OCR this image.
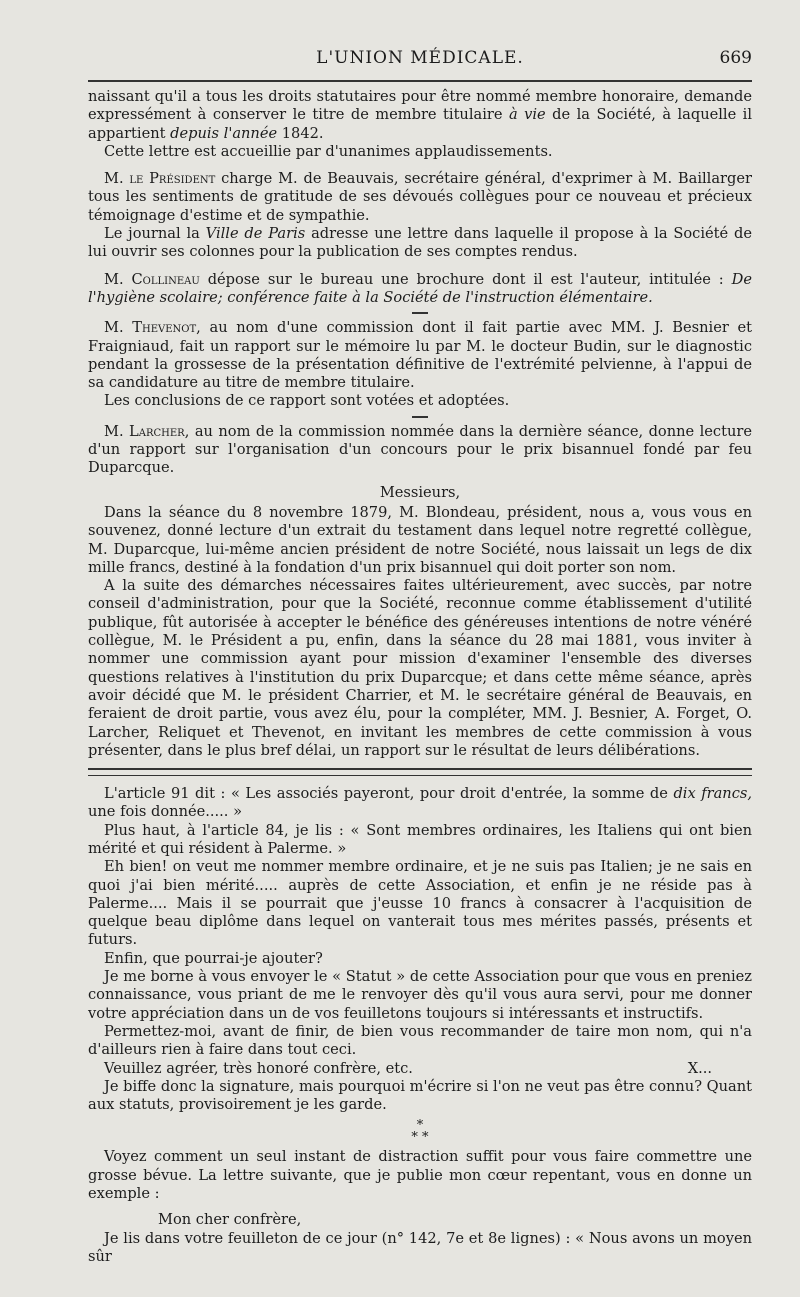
L'UNION MÉDICALE.	669

naissant qu'il a tous les droits statutaires pour être nommé membre honoraire, demande expressément à conserver le titre de membre titulaire à vie de la Société, à laquelle il appartient depuis l'année 1842.

Cette lettre est accueillie par d'unanimes applaudissements.

M. le Président charge M. de Beauvais, secrétaire général, d'exprimer à M. Baillarger tous les sentiments de gratitude de ses dévoués collègues pour ce nouveau et précieux témoignage d'estime et de sympathie.

Le journal la Ville de Paris adresse une lettre dans laquelle il propose à la Société de lui ouvrir ses colonnes pour la publication de ses comptes rendus.

M. Collineau dépose sur le bureau une brochure dont il est l'auteur, intitulée : De l'hygiène scolaire; conférence faite à la Société de l'instruction élémentaire.

M. Thevenot, au nom d'une commission dont il fait partie avec MM. J. Besnier et Fraigniaud, fait un rapport sur le mémoire lu par M. le docteur Budin, sur le diagnostic pendant la grossesse de la présentation définitive de l'extrémité pelvienne, à l'appui de sa candidature au titre de membre titulaire.

Les conclusions de ce rapport sont votées et adoptées.

M. Larcher, au nom de la commission nommée dans la dernière séance, donne lecture d'un rapport sur l'organisation d'un concours pour le prix bisannuel fondé par feu Duparcque.

Messieurs,

Dans la séance du 8 novembre 1879, M. Blondeau, président, nous a, vous vous en souvenez, donné lecture d'un extrait du testament dans lequel notre regretté collègue, M. Duparcque, lui-même ancien président de notre Société, nous laissait un legs de dix mille francs, destiné à la fondation d'un prix bisannuel qui doit porter son nom.

A la suite des démarches nécessaires faites ultérieurement, avec succès, par notre conseil d'administration, pour que la Société, reconnue comme établissement d'utilité publique, fût autorisée à accepter le bénéfice des généreuses intentions de notre vénéré collègue, M. le Président a pu, enfin, dans la séance du 28 mai 1881, vous inviter à nommer une commission ayant pour mission d'examiner l'ensemble des diverses questions relatives à l'institution du prix Duparcque; et dans cette même séance, après avoir décidé que M. le président Charrier, et M. le secrétaire général de Beauvais, en feraient de droit partie, vous avez élu, pour la compléter, MM. J. Besnier, A. Forget, O. Larcher, Reliquet et Thevenot, en invitant les membres de cette commission à vous présenter, dans le plus bref délai, un rapport sur le résultat de leurs délibérations.

L'article 91 dit : « Les associés payeront, pour droit d'entrée, la somme de dix francs, une fois donnée..... »

Plus haut, à l'article 84, je lis : « Sont membres ordinaires, les Italiens qui ont bien mérité et qui résident à Palerme. »

Eh bien! on veut me nommer membre ordinaire, et je ne suis pas Italien; je ne sais en quoi j'ai bien mérité..... auprès de cette Association, et enfin je ne réside pas à Palerme.... Mais il se pourrait que j'eusse 10 francs à consacrer à l'acquisition de quelque beau diplôme dans lequel on vanterait tous mes mérites passés, présents et futurs.

Enfin, que pourrai-je ajouter?

Je me borne à vous envoyer le « Statut » de cette Association pour que vous en preniez connaissance, vous priant de me le renvoyer dès qu'il vous aura servi, pour me donner votre appréciation dans un de vos feuilletons toujours si intéressants et instructifs.

Permettez-moi, avant de finir, de bien vous recommander de taire mon nom, qui n'a d'ailleurs rien à faire dans tout ceci.

Veuillez agréer, très honoré confrère, etc.	X...

Je biffe donc la signature, mais pourquoi m'écrire si l'on ne veut pas être connu? Quant aux statuts, provisoirement je les garde.

*
* *

Voyez comment un seul instant de distraction suffit pour vous faire commettre une grosse bévue. La lettre suivante, que je publie mon cœur repentant, vous en donne un exemple :

Mon cher confrère,

Je lis dans votre feuilleton de ce jour (n° 142, 7e et 8e lignes) : « Nous avons un moyen sûr
